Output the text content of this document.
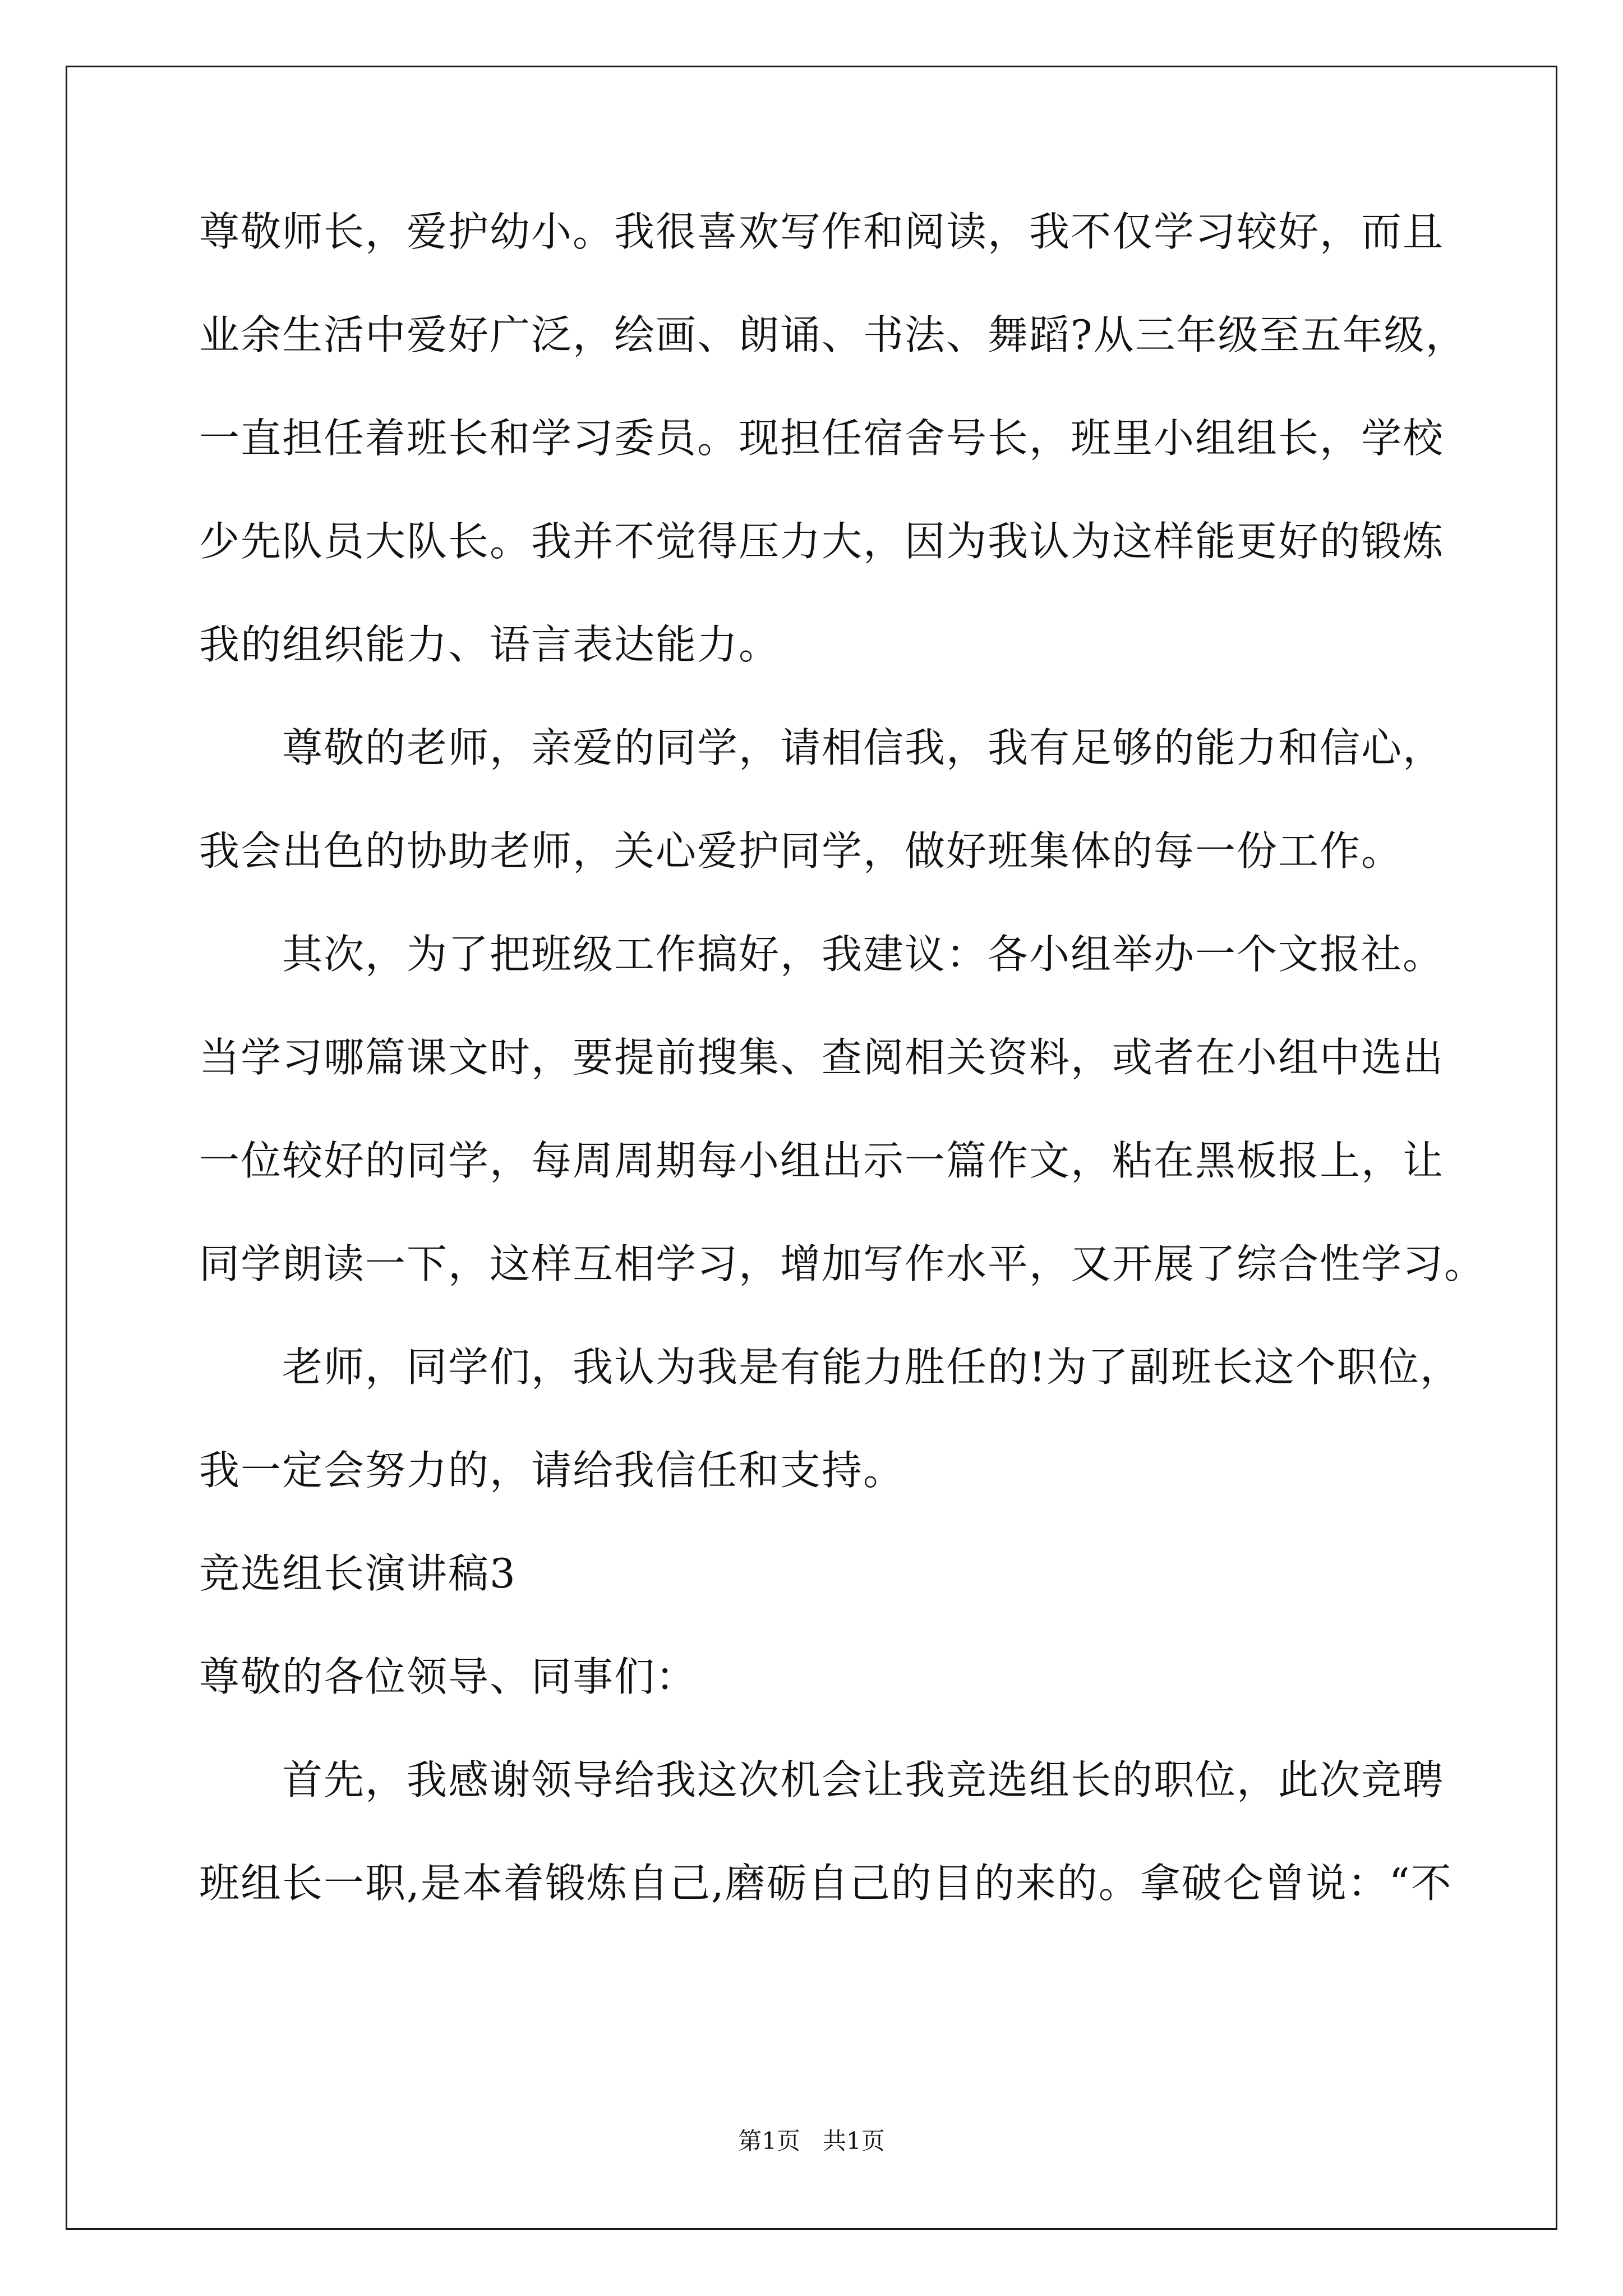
尊敬师长，爱护幼小。我很喜欢写作和阅读，我不仅学习较好，而且
业余生活中爱好广泛，绘画、朗诵、书法、舞蹈?从三年级至五年级，
一直担任着班长和学习委员。现担任宿舍号长，班里小组组长，学校
少先队员大队长。我并不觉得压力大，因为我认为这样能更好的锻炼
我的组织能力、语言表达能力。
尊敬的老师，亲爱的同学，请相信我，我有足够的能力和信心，
我会出色的协助老师，关心爱护同学，做好班集体的每一份工作。
其次，为了把班级工作搞好，我建议：各小组举办一个文报社。
当学习哪篇课文时，要提前搜集、查阅相关资料，或者在小组中选出
一位较好的同学，每周周期每小组出示一篇作文，粘在黑板报上，让
同学朗读一下，这样互相学习，增加写作水平，又开展了综合性学习。
老师，同学们，我认为我是有能力胜任的!为了副班长这个职位，
我一定会努力的，请给我信任和支持。
竞选组长演讲稿3
尊敬的各位领导、同事们：
首先，我感谢领导给我这次机会让我竞选组长的职位，此次竞聘
班组长一职,是本着锻炼自己,磨砺自己的目的来的。拿破仑曾说：“不
第1页 共1页
